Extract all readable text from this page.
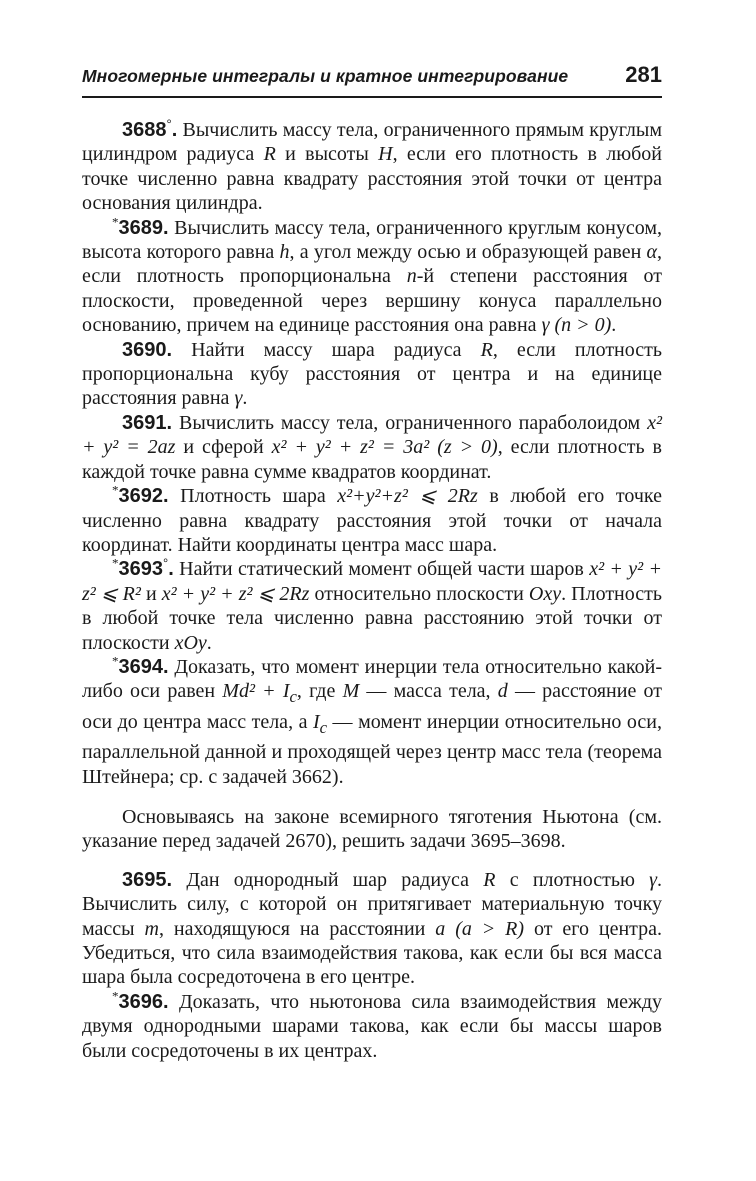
Многомерные интегралы и кратное интегрирование	281

3688°. Вычислить массу тела, ограниченного прямым круглым цилиндром радиуса R и высоты H, если его плотность в любой точке численно равна квадрату расстояния этой точки от центра основания цилиндра.

*3689. Вычислить массу тела, ограниченного круглым конусом, высота которого равна h, а угол между осью и образующей равен α, если плотность пропорциональна n-й степени расстояния от плоскости, проведенной через вершину конуса параллельно основанию, причем на единице расстояния она равна γ (n > 0).

3690. Найти массу шара радиуса R, если плотность пропорциональна кубу расстояния от центра и на единице расстояния равна γ.

3691. Вычислить массу тела, ограниченного параболоидом x² + y² = 2az и сферой x² + y² + z² = 3a² (z > 0), если плотность в каждой точке равна сумме квадратов координат.

*3692. Плотность шара x²+y²+z² ⩽ 2Rz в любой его точке численно равна квадрату расстояния этой точки от начала координат. Найти координаты центра масс шара.

*3693°. Найти статический момент общей части шаров x² + y² + z² ⩽ R² и x² + y² + z² ⩽ 2Rz относительно плоскости Oxy. Плотность в любой точке тела численно равна расстоянию этой точки от плоскости xOy.

*3694. Доказать, что момент инерции тела относительно какой-либо оси равен $Md^2 + I_c$, где M — масса тела, d — расстояние от оси до центра масс тела, а $I_c$ — момент инерции относительно оси, параллельной данной и проходящей через центр масс тела (теорема Штейнера; ср. с задачей 3662).

Основываясь на законе всемирного тяготения Ньютона (см. указание перед задачей 2670), решить задачи 3695–3698.

3695. Дан однородный шар радиуса R с плотностью γ. Вычислить силу, с которой он притягивает материальную точку массы m, находящуюся на расстоянии a (a > R) от его центра. Убедиться, что сила взаимодействия такова, как если бы вся масса шара была сосредоточена в его центре.

*3696. Доказать, что ньютонова сила взаимодействия между двумя однородными шарами такова, как если бы массы шаров были сосредоточены в их центрах.
